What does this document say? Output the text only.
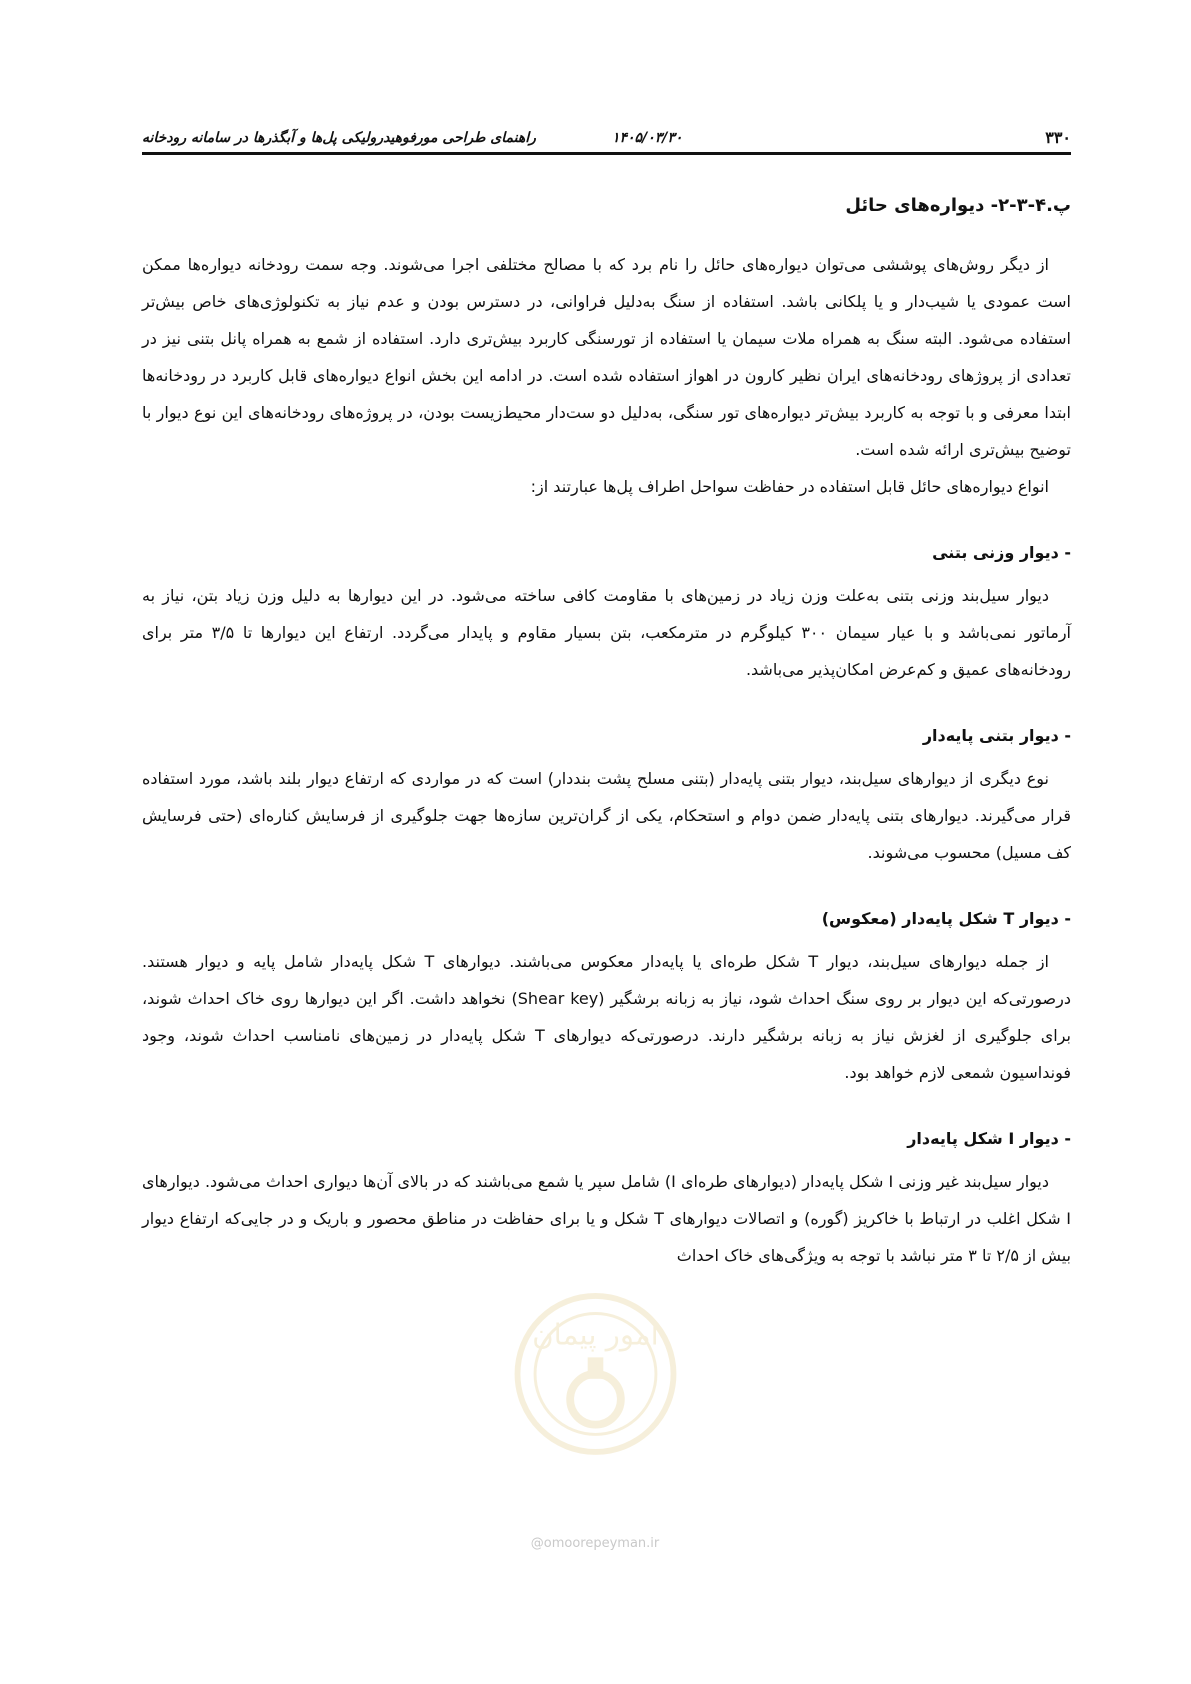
۳۳۰
۱۴۰۵/۰۳/۳۰
راهنمای طراحی مورفوهیدرولیکی پل‌ها و آبگذرها در سامانه رودخانه
پ.۴-۳-۲- دیواره‌های حائل

از دیگر روش‌های پوششی می‌توان دیواره‌های حائل را نام برد که با مصالح مختلفی اجرا می‌شوند. وجه سمت رودخانه دیواره‌ها ممکن است عمودی یا شیب‌دار و یا پلکانی باشد. استفاده از سنگ به‌دلیل فراوانی، در دسترس بودن و عدم نیاز به تکنولوژی‌های خاص بیش‌تر استفاده می‌شود. البته سنگ به همراه ملات سیمان یا استفاده از تورسنگی کاربرد بیش‌تری دارد. استفاده از شمع به همراه پانل بتنی نیز در تعدادی از پروژهای رودخانه‌های ایران نظیر کارون در اهواز استفاده شده است. در ادامه این بخش انواع دیواره‌های قابل کاربرد در رودخانه‌ها ابتدا معرفی و با توجه به کاربرد بیش‌تر دیواره‌های تور سنگی، به‌دلیل دو ست‌دار محیط‌زیست بودن، در پروژه‌های رودخانه‌های این نوع دیوار با توضیح بیش‌تری ارائه شده است.

انواع دیواره‌های حائل قابل استفاده در حفاظت سواحل اطراف پل‌ها عبارتند از:

- دیوار وزنی بتنی

دیوار سیل‌بند وزنی بتنی به‌علت وزن زیاد در زمین‌های با مقاومت کافی ساخته می‌شود. در این دیوارها به دلیل وزن زیاد بتن، نیاز به آرماتور نمی‌باشد و با عیار سیمان ۳۰۰ کیلوگرم در مترمکعب، بتن بسیار مقاوم و پایدار می‌گردد. ارتفاع این دیوارها تا ۳/۵ متر برای رودخانه‌های عمیق و کم‌عرض امکان‌پذیر می‌باشد.

- دیوار بتنی پایه‌دار

نوع دیگری از دیوارهای سیل‌بند، دیوار بتنی پایه‌دار (بتنی مسلح پشت بنددار) است که در مواردی که ارتفاع دیوار بلند باشد، مورد استفاده قرار می‌گیرند. دیوارهای بتنی پایه‌دار ضمن دوام و استحکام، یکی از گران‌ترین سازه‌ها جهت جلوگیری از فرسایش کناره‌ای (حتی فرسایش کف مسیل) محسوب می‌شوند.

- دیوار T شکل پایه‌دار (معکوس)

از جمله دیوارهای سیل‌بند، دیوار T شکل طره‌ای یا پایه‌دار معکوس می‌باشند. دیوارهای T شکل پایه‌دار شامل پایه و دیوار هستند. درصورتی‌که این دیوار بر روی سنگ احداث شود، نیاز به زبانه برشگیر (Shear key) نخواهد داشت. اگر این دیوارها روی خاک احداث شوند، برای جلوگیری از لغزش نیاز به زبانه برشگیر دارند. درصورتی‌که دیوارهای T شکل پایه‌دار در زمین‌های نامناسب احداث شوند، وجود فونداسیون شمعی لازم خواهد بود.

- دیوار I شکل پایه‌دار

دیوار سیل‌بند غیر وزنی I شکل پایه‌دار (دیوارهای طره‌ای I) شامل سپر یا شمع می‌باشند که در بالای آن‌ها دیواری احداث می‌شود. دیوارهای I شکل اغلب در ارتباط با خاکریز (گوره) و اتصالات دیوارهای T شکل و یا برای حفاظت در مناطق محصور و باریک و در جایی‌که ارتفاع دیوار بیش از ۲/۵ تا ۳ متر نباشد با توجه به ویژگی‌های خاک احداث

امور پیمان
@omoorepeyman.ir
